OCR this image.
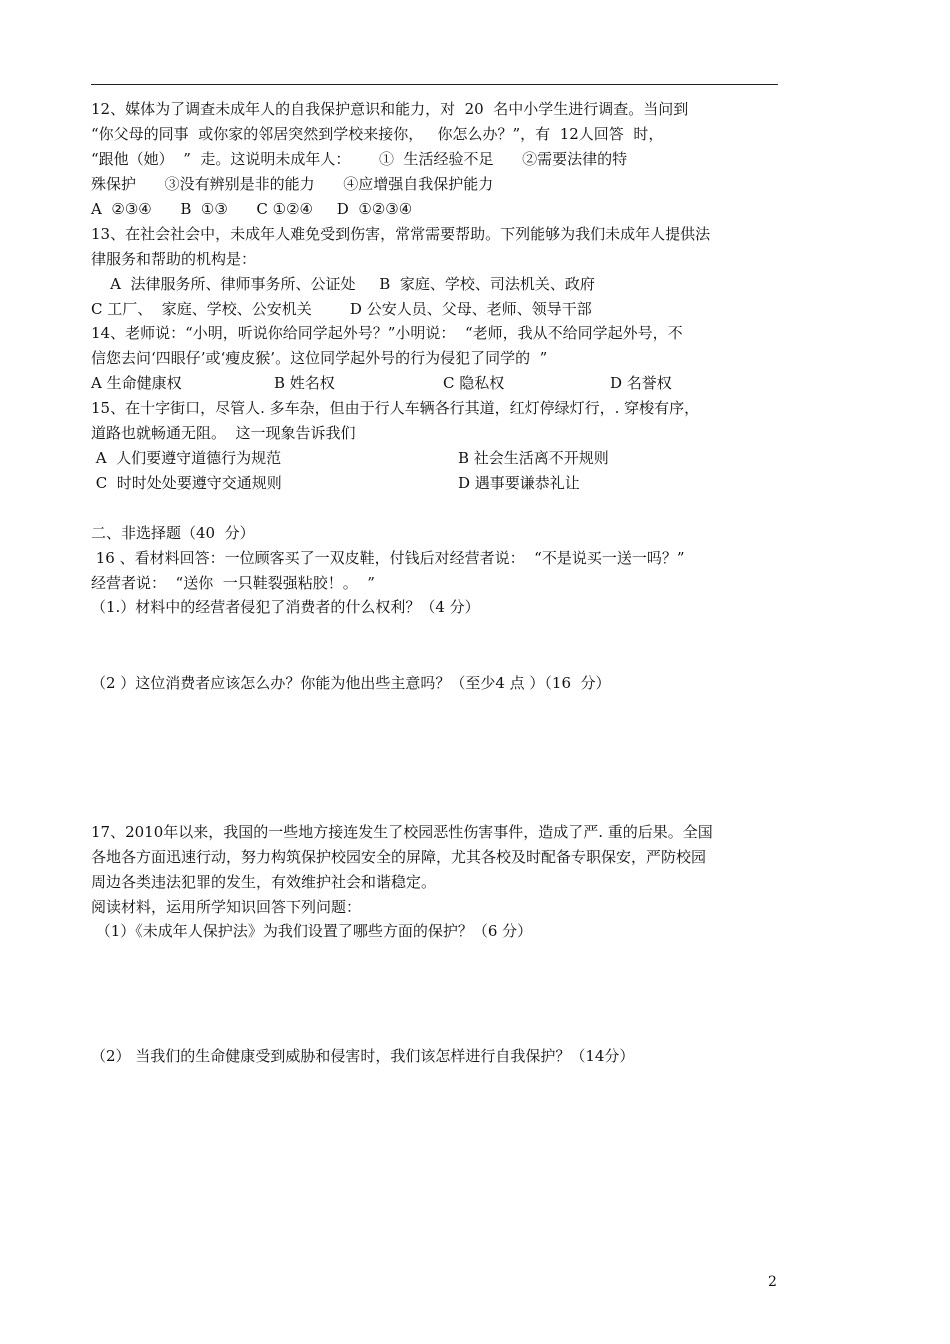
12、媒体为了调查未成年人的自我保护意识和能力，对  20  名中小学生进行调查。当问到
“你父母的同事  或你家的邻居突然到学校来接你，   你怎么办？”，有  12人回答  时，
“跟他（她）  ”  走。这说明未成年人：      ①  生活经验不足      ②需要法律的特
殊保护      ③没有辨别是非的能力      ④应增强自我保护能力
A  ②③④      B  ①③      C ①②④     D  ①②③④
13、在社会社会中，未成年人难免受到伤害，常常需要帮助。下列能够为我们未成年人提供法
律服务和帮助的机构是：
A  法律服务所、律师事务所、公证处     B  家庭、学校、司法机关、政府
C 工厂、  家庭、学校、公安机关        D 公安人员、父母、老师、领导干部
14、老师说：“小明，听说你给同学起外号？”小明说：  “老师，我从不给同学起外号，不
信您去问‘四眼仔’或‘瘦皮猴’。这位同学起外号的行为侵犯了同学的  ”
A 生命健康权	B 姓名权	C 隐私权	D 名誉权
15、在十字街口，尽管人. 多车杂，但由于行人车辆各行其道，红灯停绿灯行，. 穿梭有序，
道路也就畅通无阻。  这一现象告诉我们
A  人们要遵守道德行为规范	B 社会生活离不开规则
C  时时处处要遵守交通规则	D 遇事要谦恭礼让
二、非选择题（40  分）
16 、看材料回答：一位顾客买了一双皮鞋，付钱后对经营者说：  “不是说买一送一吗？”
经营者说：  “送你  一只鞋裂强粘胶！。  ”
（1.）材料中的经营者侵犯了消费者的什么权利？（4 分）
（2 ）这位消费者应该怎么办？你能为他出些主意吗？（至少4 点 ）（16  分）
17、2010年以来，我国的一些地方接连发生了校园恶性伤害事件，造成了严. 重的后果。全国
各地各方面迅速行动，努力构筑保护校园安全的屏障，尤其各校及时配备专职保安，严防校园
周边各类违法犯罪的发生，有效维护社会和谐稳定。
阅读材料，运用所学知识回答下列问题：
（1）《未成年人保护法》为我们设置了哪些方面的保护？（6 分）
（2） 当我们的生命健康受到威胁和侵害时，我们该怎样进行自我保护？（14分）
2
